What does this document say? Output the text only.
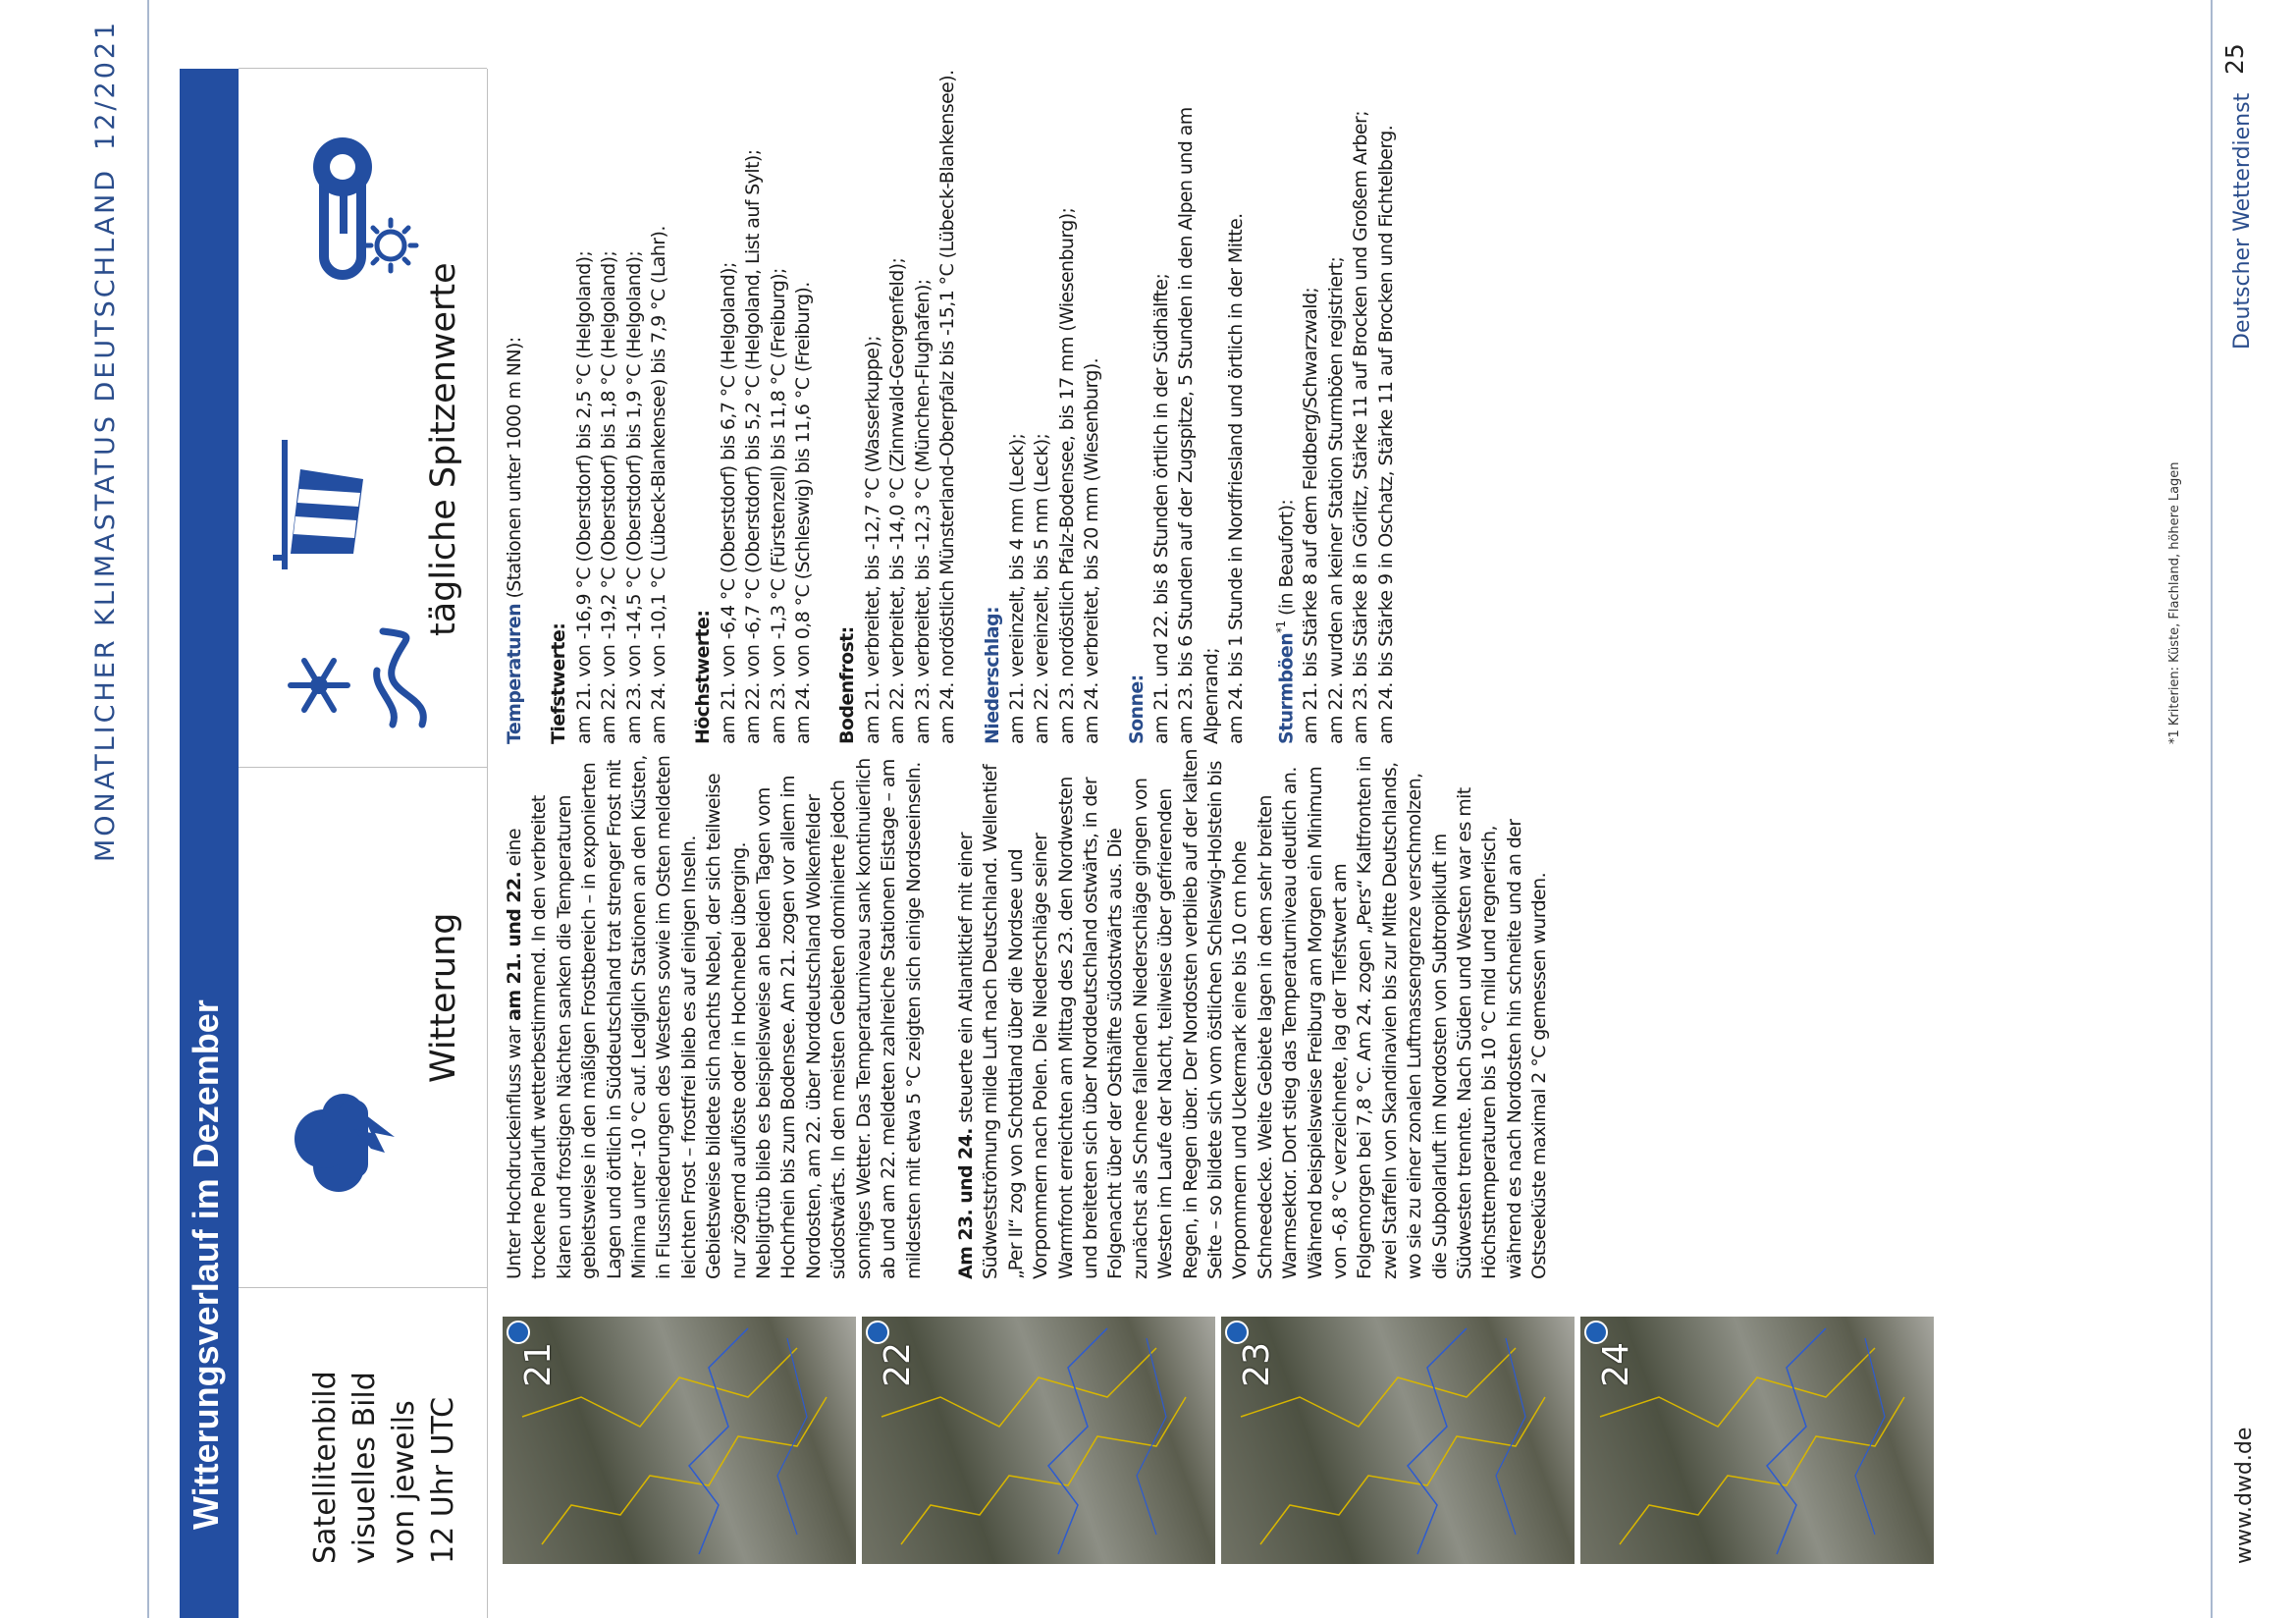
MONATLICHER KLIMASTATUS DEUTSCHLAND12/2021	25
www.dwd.de
Deutscher Wetterdienst
Witterungsverlauf im Dezember	Satellitenbild visuelles Bild von jeweils 12 Uhr UTC
Witterung
tägliche Spitzenwerte
21	22	23	24

Unter Hochdruckeinfluss war am 21. und 22. eine trockene Polarluft wetterbestimmend. In den verbreitet klaren und frostigen Nächten sanken die Temperaturen gebietsweise in den mäßigen Frostbereich – in exponierten Lagen und örtlich in Süddeutschland trat strenger Frost mit Minima unter -10 °C auf. Lediglich Stationen an den Küsten, in Flussniederungen des Westens sowie im Osten meldeten leichten Frost – frostfrei blieb es auf einigen Inseln. Gebietsweise bildete sich nachts Nebel, der sich teilweise nur zögernd auflöste oder in Hochnebel überging. Nebligtrüb blieb es beispielsweise an beiden Tagen vom Hochrhein bis zum Bodensee. Am 21. zogen vor allem im Nordosten, am 22. über Norddeutschland Wolkenfelder südostwärts. In den meisten Gebieten dominierte jedoch sonniges Wetter. Das Temperaturniveau sank kontinuierlich ab und am 22. meldeten zahlreiche Stationen Eistage – am mildesten mit etwa 5 °C zeigten sich einige Nordseeinseln. Am 23. und 24. steuerte ein Atlantiktief mit einer Südwestströmung milde Luft nach Deutschland. Wellentief „Per II“ zog von Schottland über die Nordsee und Vorpommern nach Polen. Die Niederschläge seiner Warmfront erreichten am Mittag des 23. den Nordwesten und breiteten sich über Norddeutschland ostwärts, in der Folgenacht über der Osthälfte südostwärts aus. Die zunächst als Schnee fallenden Niederschläge gingen von Westen im Laufe der Nacht, teilweise über gefrierenden Regen, in Regen über. Der Nordosten verblieb auf der kalten Seite – so bildete sich vom östlichen Schleswig-Holstein bis Vorpommern und Uckermark eine bis 10 cm hohe Schneedecke. Weite Gebiete lagen in dem sehr breiten Warmsektor. Dort stieg das Temperaturniveau deutlich an. Während beispielsweise Freiburg am Morgen ein Minimum von -6,8 °C verzeichnete, lag der Tiefstwert am Folgemorgen bei 7,8 °C. Am 24. zogen „Pers“ Kaltfronten in zwei Staffeln von Skandinavien bis zur Mitte Deutschlands, wo sie zu einer zonalen Luftmassengrenze verschmolzen, die Subpolarluft im Nordosten von Subtropikluft im Südwesten trennte. Nach Süden und Westen war es mit Höchsttemperaturen bis 10 °C mild und regnerisch, während es nach Nordosten hin schneite und an der Ostseeküste maximal 2 °C gemessen wurden.

Temperaturen (Stationen unter 1000 m NN):
Tiefstwerte: am 21. von -16,9 °C (Oberstdorf) bis 2,5 °C (Helgoland); am 22. von -19,2 °C (Oberstdorf) bis 1,8 °C (Helgoland); am 23. von -14,5 °C (Oberstdorf) bis 1,9 °C (Helgoland); am 24. von -10,1 °C (Lübeck-Blankensee) bis 7,9 °C (Lahr). Höchstwerte: am 21. von -6,4 °C (Oberstdorf) bis 6,7 °C (Helgoland); am 22. von -6,7 °C (Oberstdorf) bis 5,2 °C (Helgoland, List auf Sylt); am 23. von -1,3 °C (Fürstenzell) bis 11,8 °C (Freiburg); am 24. von 0,8 °C (Schleswig) bis 11,6 °C (Freiburg). Bodenfrost: am 21. verbreitet, bis -12,7 °C (Wasserkuppe); am 22. verbreitet, bis -14,0 °C (Zinnwald-Georgenfeld); am 23. verbreitet, bis -12,3 °C (München-Flughafen); am 24. nordöstlich Münsterland–Oberpfalz bis -15,1 °C (Lübeck-Blankensee). Niederschlag: am 21. vereinzelt, bis 4 mm (Leck); am 22. vereinzelt, bis 5 mm (Leck); am 23. nordöstlich Pfalz-Bodensee, bis 17 mm (Wiesenburg); am 24. verbreitet, bis 20 mm (Wiesenburg). Sonne: am 21. und 22. bis 8 Stunden örtlich in der Südhälfte; am 23. bis 6 Stunden auf der Zugspitze, 5 Stunden in den Alpen und am Alpenrand; am 24. bis 1 Stunde in Nordfriesland und örtlich in der Mitte.	Sturmböen$^{*1}$ (in Beaufort): am 21. bis Stärke 8 auf dem Feldberg/Schwarzwald; am 22. wurden an keiner Station Sturmböen registriert; am 23. bis Stärke 8 in Görlitz, Stärke 11 auf Brocken und Großem Arber; am 24. bis Stärke 9 in Oschatz, Stärke 11 auf Brocken und Fichtelberg.	*1 Kriterien: Küste, Flachland, höhere Lagen
